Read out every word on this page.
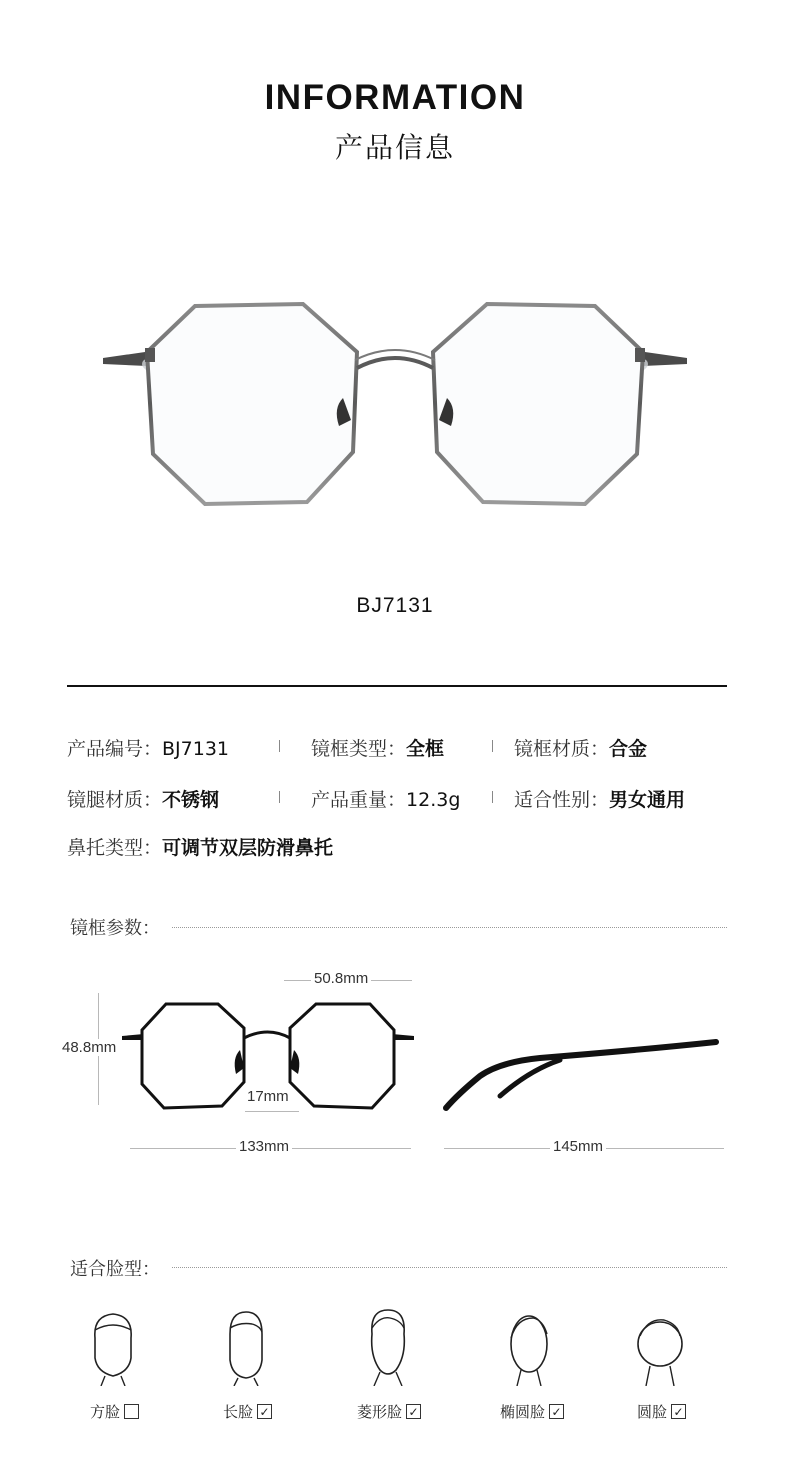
INFORMATION
产品信息
BJ7131
产品编号：BJ7131	镜框类型：全框	镜框材质：合金
镜腿材质：不锈钢	产品重量：12.3g	适合性别：男女通用
鼻托类型：可调节双层防滑鼻托
镜框参数：
50.8mm
48.8mm
17mm
133mm	145mm
适合脸型：
方脸	长脸 ✓	菱形脸 ✓	椭圆脸 ✓	圆脸 ✓
